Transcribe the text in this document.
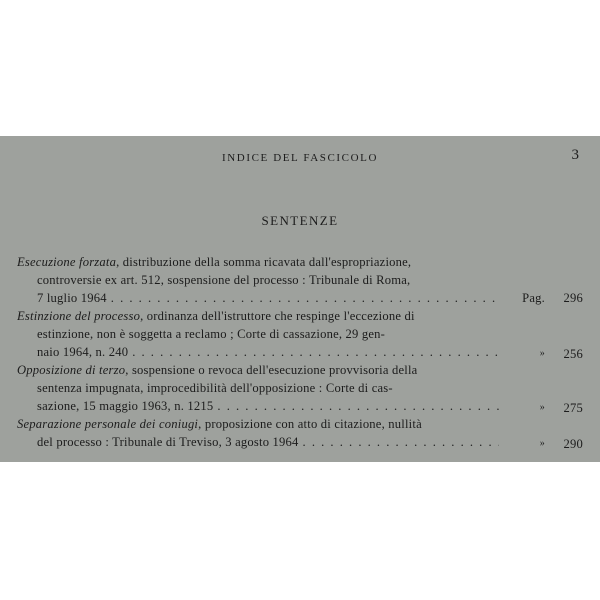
INDICE DEL FASCICOLO	3
SENTENZE
Esecuzione forzata, distribuzione della somma ricavata dall'espropriazione,
controversie ex art. 512, sospensione del processo : Tribunale di Roma,
7 luglio 1964 . . .	Pag. 296
Estinzione del processo, ordinanza dell'istruttore che respinge l'eccezione di
estinzione, non è soggetta a reclamo ; Corte di cassazione, 29 gen-
naio 1964, n. 240 . . .	» 256
Opposizione di terzo, sospensione o revoca dell'esecuzione provvisoria della
sentenza impugnata, improcedibilità dell'opposizione : Corte di cas-
sazione, 15 maggio 1963, n. 1215 . . .	» 275
Separazione personale dei coniugi, proposizione con atto di citazione, nullità
del processo : Tribunale di Treviso, 3 agosto 1964 . . .	» 290
